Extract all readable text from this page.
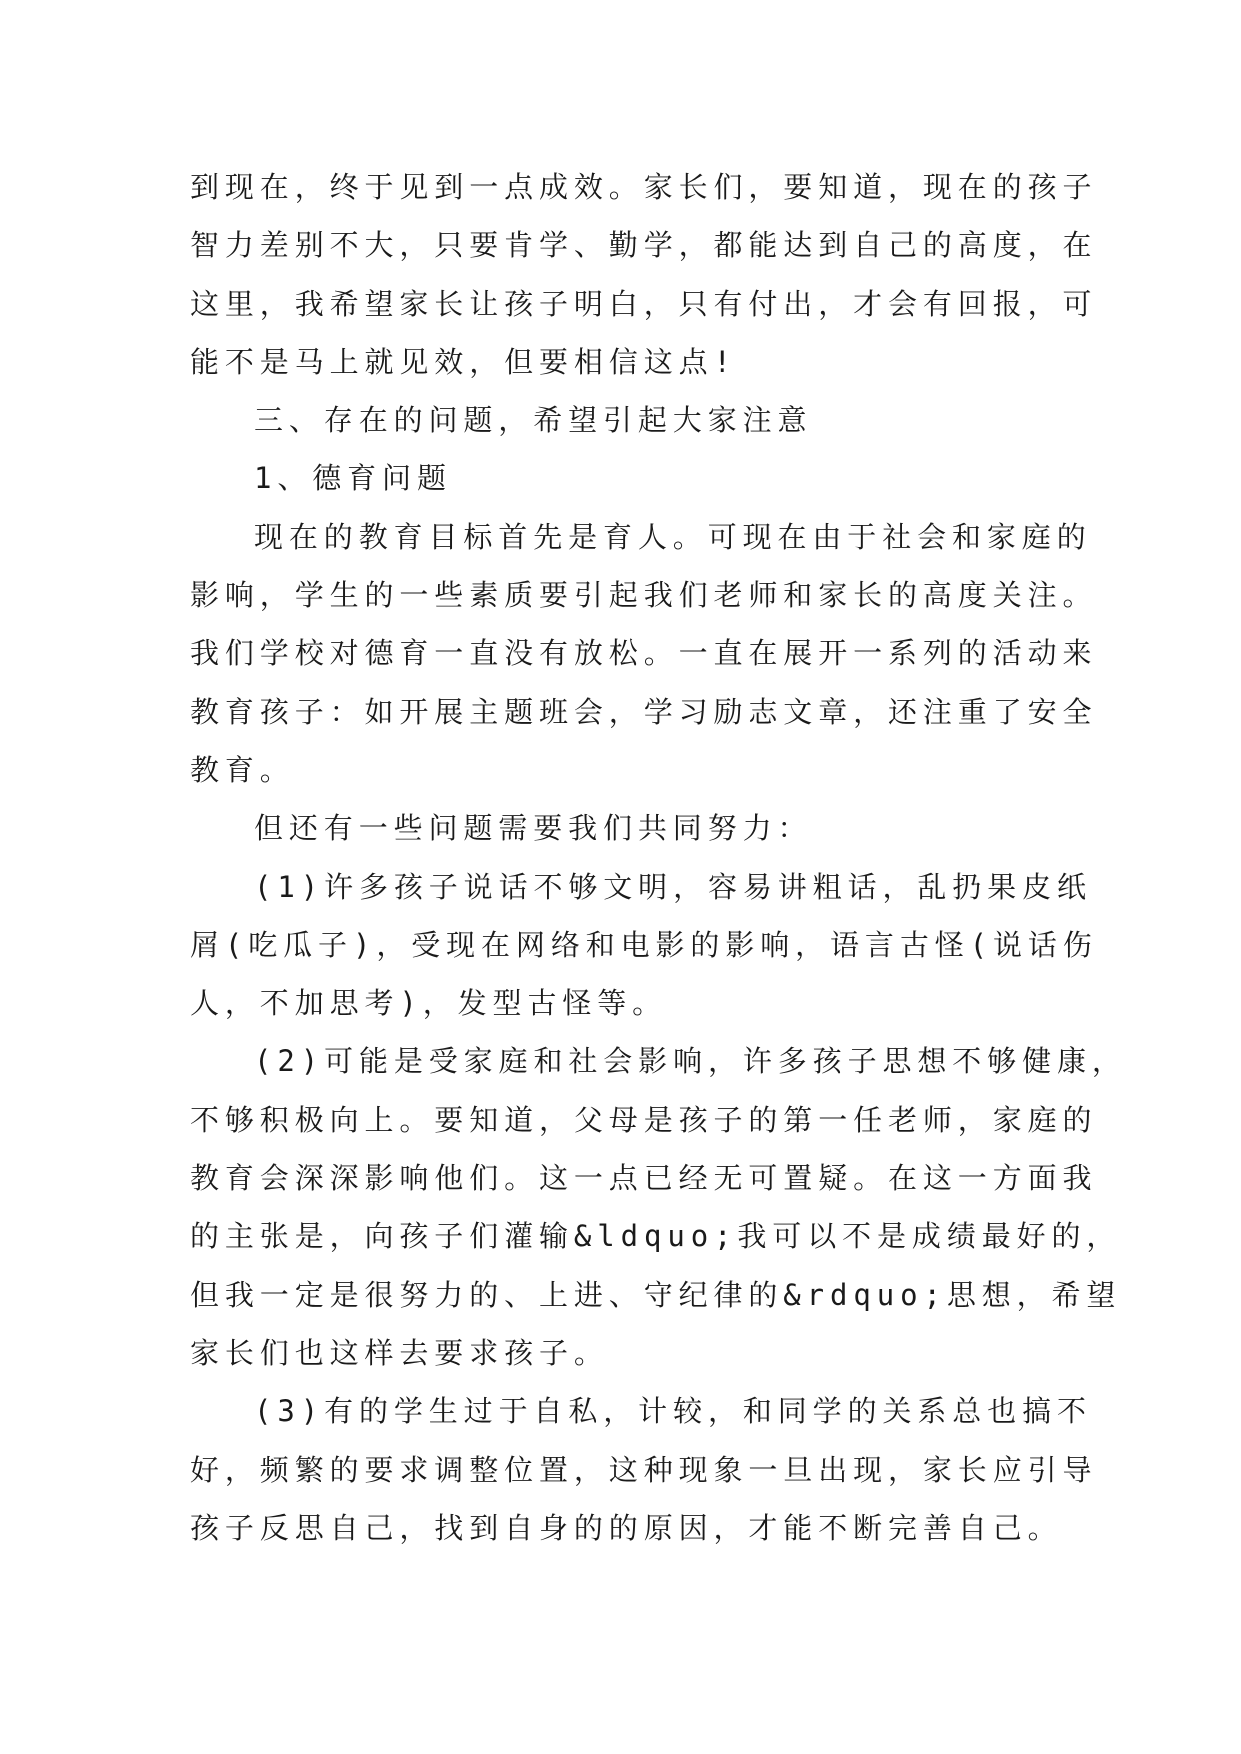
到现在，终于见到一点成效。家长们，要知道，现在的孩子
智力差别不大，只要肯学、勤学，都能达到自己的高度，在
这里，我希望家长让孩子明白，只有付出，才会有回报，可
能不是马上就见效，但要相信这点!
三、存在的问题，希望引起大家注意
1、德育问题
现在的教育目标首先是育人。可现在由于社会和家庭的
影响，学生的一些素质要引起我们老师和家长的高度关注。
我们学校对德育一直没有放松。一直在展开一系列的活动来
教育孩子：如开展主题班会，学习励志文章，还注重了安全
教育。
但还有一些问题需要我们共同努力：
(1)许多孩子说话不够文明，容易讲粗话，乱扔果皮纸
屑(吃瓜子)，受现在网络和电影的影响，语言古怪(说话伤
人，不加思考)，发型古怪等。
(2)可能是受家庭和社会影响，许多孩子思想不够健康，
不够积极向上。要知道，父母是孩子的第一任老师，家庭的
教育会深深影响他们。这一点已经无可置疑。在这一方面我
的主张是，向孩子们灌输&ldquo;我可以不是成绩最好的，
但我一定是很努力的、上进、守纪律的&rdquo;思想，希望
家长们也这样去要求孩子。
(3)有的学生过于自私，计较，和同学的关系总也搞不
好，频繁的要求调整位置，这种现象一旦出现，家长应引导
孩子反思自己，找到自身的的原因，才能不断完善自己。
